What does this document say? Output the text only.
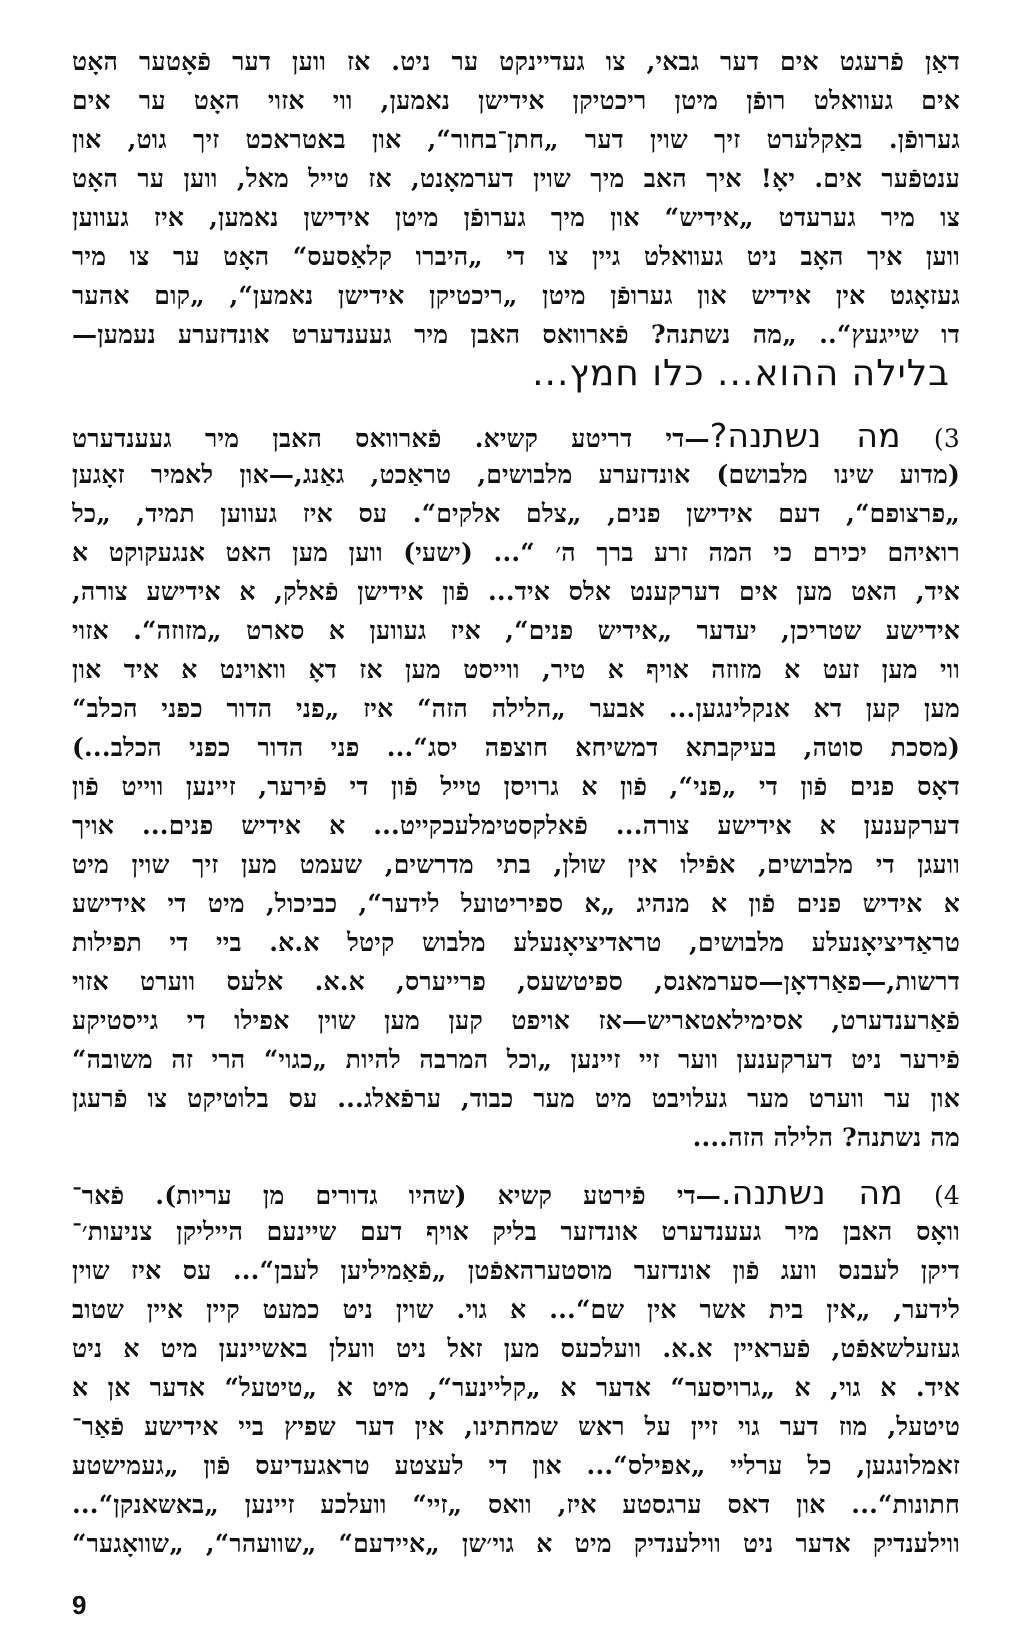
דאַן פֿרעגט אים דער גבאי, צו געדיינקט ער ניט. אז ווען דער פֿאָטער האָט
אים געוואלט רופֿן מיטן ריכטיקן אידישן נאמען, ווי אזוי האָט ער אים
גערופֿן. באַקלערט זיך שוין דער „חתן־בחור“, און באטראכט זיך גוט, און
ענטפֿער אים. יאָ! איך האב מיך שוין דערמאָנט, אז טייל מאל, ווען ער האָט
צו מיר גערעדט „אידיש“ און מיך גערופֿן מיטן אידישן נאמען, איז געווען
ווען איך האָב ניט געוואלט גיין צו די „היברו קלאַסעס“ האָט ער צו מיר
געזאָגט אין אידיש און גערופֿן מיטן „ריכטיקן אידישן נאמען“, „קום אהער
דו שייגעץ“.. „מה נשתנה? פֿארוואס האבן מיר געענדערט אונדזערע נעמען—
בלילה ההוא... כלו חמץ...
3) מה נשתנה?—די דריטע קשיא. פֿארוואס האבן מיר געענדערט
(מדוע שינו מלבושם) אונדזערע מלבושים, טראַכט, גאַנג,—און לאמיר זאָגען
„פרצופם“, דעם אידישן פנים, „צלם אלקים“. עס איז געווען תמיד, „כל
רואיהם יכירם כי המה זרע ברך ה׳ “... (ישעי) ווען מען האט אנגעקוקט א
איד, האט מען אים דערקענט אלס איד... פֿון אידישן פֿאלק, א אידישע צורה,
אידישע שטריכן, יעדער „אידיש פנים“, איז געווען א סארט „מזוזה“. אזוי
ווי מען זעט א מזוזה אויף א טיר, ווייסט מען אז דאָ וואוינט א איד און
מען קען דא אנקלינגען... אבער „הלילה הזה“ איז „פני הדור כפני הכלב“
(מסכת סוטה, בעיקבתא דמשיחא חוצפה יסג“... פני הדור כפני הכלב...)
דאָס פנים פֿון די „פני“, פֿון א גרויסן טייל פֿון די פֿירער, זיינען ווייט פֿון
דערקענען א אידישע צורה... פֿאלקסטימלעכקייט... א אידיש פנים... אויך
וועגן די מלבושים, אפֿילו אין שולן, בתי מדרשים, שעמט מען זיך שוין מיט
א אידיש פנים פֿון א מנהיג „א ספיריטועל לידער“, כביכול, מיט די אידישע
טראַדיציאָנעלע מלבושים, טראדיציאָנעלע מלבוש קיטל א.א. ביי די תפילות
דרשות,—פאַרדאָן—סערמאנס, ספיטשעס, פרייערס, א.א. אלעס ווערט אזוי
פֿאַרענדערט, אסימילאטאריש—אז אויפט קען מען שוין אפילו די גייסטיקע
פֿירער ניט דערקענען ווער זיי זיינען „וכל המרבה להיות „כגוי“ הרי זה משובה“
און ער ווערט מער געלויבט מיט מער כבוד, ערפֿאלג... עס בלוטיקט צו פֿרעגן
מה נשתנה? הלילה הזה....
4) מה נשתנה.—די פֿירטע קשיא (שהיו גדורים מן עריות). פֿאר־
וואָס האבן מיר געענדערט אונדזער בליק אויף דעם שיינעם הייליקן צניעות׳־
דיקן לעבנס וועג פֿון אונדזער מוסטערהאפֿטן „פֿאַמיליען לעבן“... עס איז שוין
לידער, „אין בית אשר אין שם“... א גוי. שוין ניט כמעט קיין איין שטוב
געזעלשאפֿט, פֿעראיין א.א. וועלכעס מען זאל ניט וועלן באשיינען מיט א ניט
איד. א גוי, א „גרויסער“ אדער א „קליינער“, מיט א „טיטעל“ אדער אן א
טיטעל, מוז דער גוי זיין על ראש שמחתינו, אין דער שפיץ ביי אידישע פֿאַר־
זאמלונגען, כל ערליי „אפילס“... און די לעצטע טראגעדיעס פֿון „געמישטע
חתונות“... און דאס ערגסטע איז, וואס „זיי“ וועלכע זיינען „באשאנקן“...
ווילענדיק אדער ניט ווילענדיק מיט א גוי׳שן „איידעם“ „שוועהר“, „שוואָגער“
9
